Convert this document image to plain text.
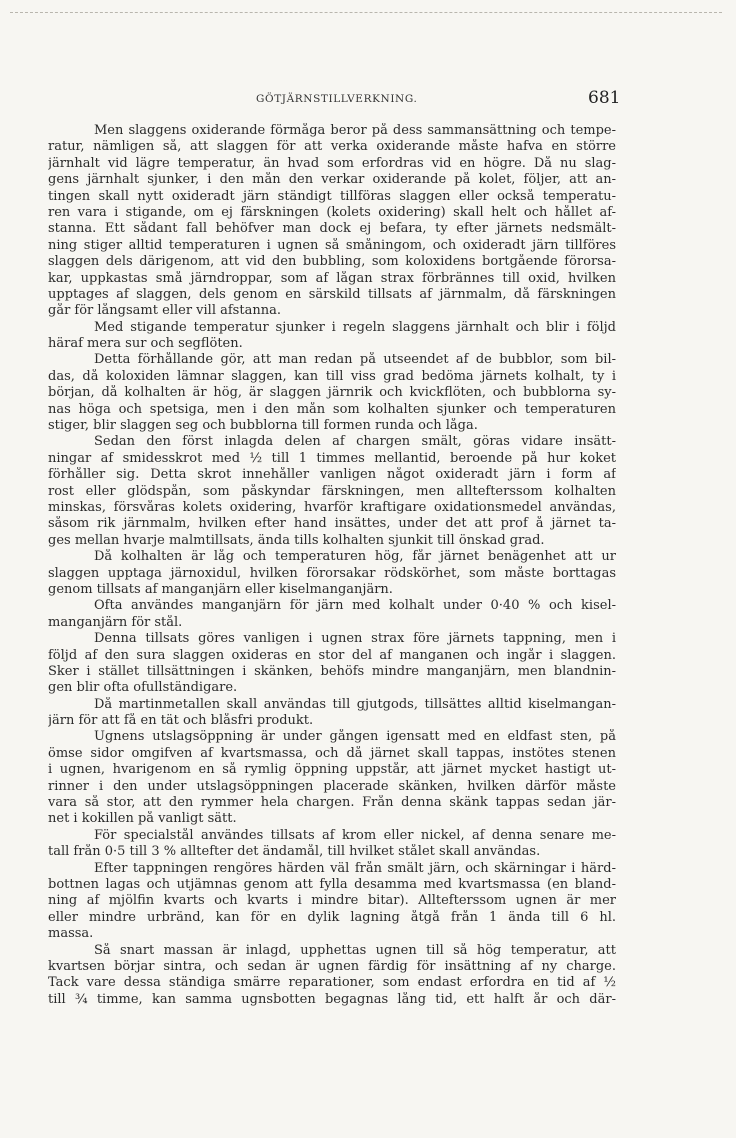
GÖTJÄRNSTILLVERKNING.	681
Men slaggens oxiderande förmåga beror på dess sammansättning och tempe-
ratur, nämligen så, att slaggen för att verka oxiderande måste hafva en större
järnhalt vid lägre temperatur, än hvad som erfordras vid en högre. Då nu slag-
gens järnhalt sjunker, i den mån den verkar oxiderande på kolet, följer, att an-
tingen skall nytt oxideradt järn ständigt tillföras slaggen eller också temperatu-
ren vara i stigande, om ej färskningen (kolets oxidering) skall helt och hållet af-
stanna. Ett sådant fall behöfver man dock ej befara, ty efter järnets nedsmält-
ning stiger alltid temperaturen i ugnen så småningom, och oxideradt järn tillföres
slaggen dels därigenom, att vid den bubbling, som koloxidens bortgående förorsa-
kar, uppkastas små järndroppar, som af lågan strax förbrännes till oxid, hvilken
upptages af slaggen, dels genom en särskild tillsats af järnmalm, då färskningen
går för långsamt eller vill afstanna.
Med stigande temperatur sjunker i regeln slaggens järnhalt och blir i följd
häraf mera sur och segflöten.
Detta förhållande gör, att man redan på utseendet af de bubblor, som bil-
das, då koloxiden lämnar slaggen, kan till viss grad bedöma järnets kolhalt, ty i
början, då kolhalten är hög, är slaggen järnrik och kvickflöten, och bubblorna sy-
nas höga och spetsiga, men i den mån som kolhalten sjunker och temperaturen
stiger, blir slaggen seg och bubblorna till formen runda och låga.
Sedan den först inlagda delen af chargen smält, göras vidare insätt-
ningar af smidesskrot med ½ till 1 timmes mellantid, beroende på hur koket
förhåller sig. Detta skrot innehåller vanligen något oxideradt järn i form af
rost eller glödspån, som påskyndar färskningen, men alltefterssom kolhalten
minskas, försvåras kolets oxidering, hvarför kraftigare oxidationsmedel användas,
såsom rik järnmalm, hvilken efter hand insättes, under det att prof å järnet ta-
ges mellan hvarje malmtillsats, ända tills kolhalten sjunkit till önskad grad.
Då kolhalten är låg och temperaturen hög, får järnet benägenhet att ur
slaggen upptaga järnoxidul, hvilken förorsakar rödskörhet, som måste borttagas
genom tillsats af manganjärn eller kiselmanganjärn.
Ofta användes manganjärn för järn med kolhalt under 0·40 % och kisel-
manganjärn för stål.
Denna tillsats göres vanligen i ugnen strax före järnets tappning, men i
följd af den sura slaggen oxideras en stor del af manganen och ingår i slaggen.
Sker i stället tillsättningen i skänken, behöfs mindre manganjärn, men blandnin-
gen blir ofta ofullständigare.
Då martinmetallen skall användas till gjutgods, tillsättes alltid kiselmangan-
järn för att få en tät och blåsfri produkt.
Ugnens utslagsöppning är under gången igensatt med en eldfast sten, på
ömse sidor omgifven af kvartsmassa, och då järnet skall tappas, instötes stenen
i ugnen, hvarigenom en så rymlig öppning uppstår, att järnet mycket hastigt ut-
rinner i den under utslagsöppningen placerade skänken, hvilken därför måste
vara så stor, att den rymmer hela chargen. Från denna skänk tappas sedan jär-
net i kokillen på vanligt sätt.
För specialstål användes tillsats af krom eller nickel, af denna senare me-
tall från 0·5 till 3 % alltefter det ändamål, till hvilket stålet skall användas.
Efter tappningen rengöres härden väl från smält järn, och skärningar i härd-
bottnen lagas och utjämnas genom att fylla desamma med kvartsmassa (en bland-
ning af mjölfin kvarts och kvarts i mindre bitar). Alltefterssom ugnen är mer
eller mindre urbränd, kan för en dylik lagning åtgå från 1 ända till 6 hl.
massa.
Så snart massan är inlagd, upphettas ugnen till så hög temperatur, att
kvartsen börjar sintra, och sedan är ugnen färdig för insättning af ny charge.
Tack vare dessa ständiga smärre reparationer, som endast erfordra en tid af ½
till ¾ timme, kan samma ugnsbotten begagnas lång tid, ett halft år och där-
